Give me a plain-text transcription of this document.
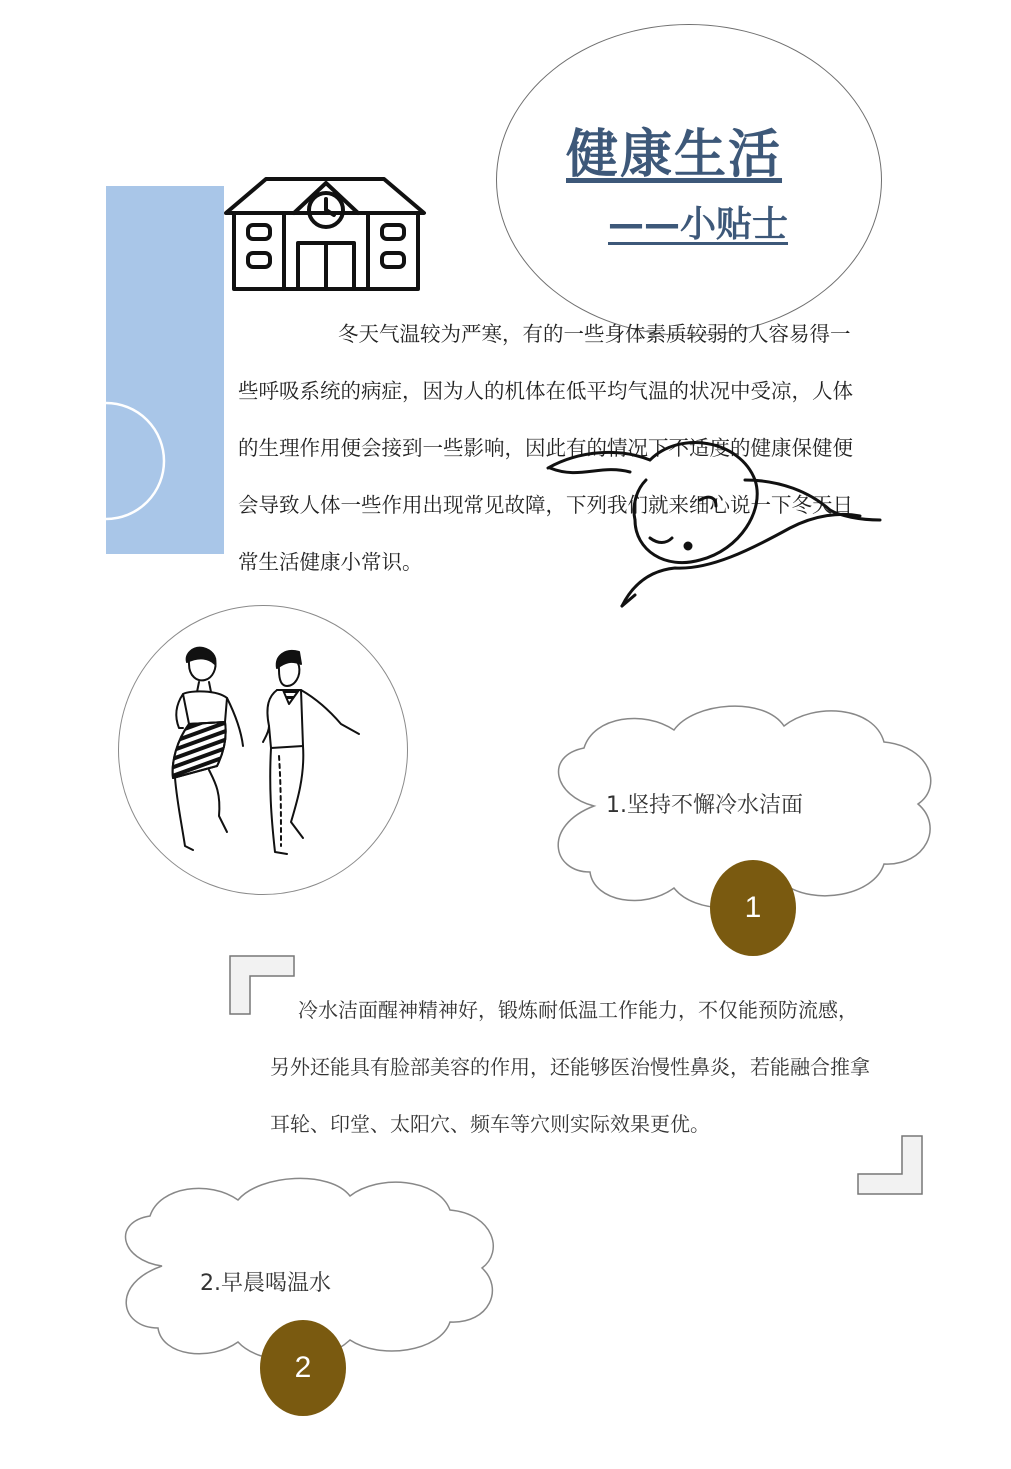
健康生活
——小贴士

冬天气温较为严寒，有的一些身体素质较弱的人容易得一些呼吸系统的病症，因为人的机体在低平均气温的状况中受凉，人体的生理作用便会接到一些影响，因此有的情况下不适度的健康保健便会导致人体一些作用出现常见故障，下列我们就来细心说一下冬天日常生活健康小常识。

1.坚持不懈冷水洁面
1

冷水洁面醒神精神好，锻炼耐低温工作能力，不仅能预防流感，另外还能具有脸部美容的作用，还能够医治慢性鼻炎，若能融合推拿耳轮、印堂、太阳穴、频车等穴则实际效果更优。

2.早晨喝温水
2
